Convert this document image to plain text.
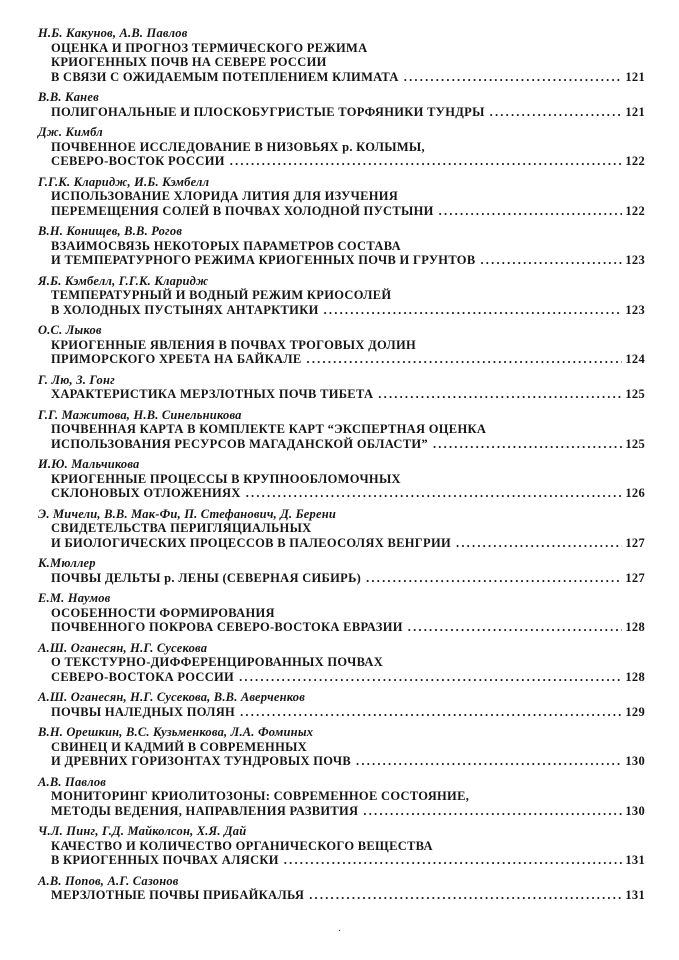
Н.Б. Какунов, А.В. Павлов
ОЦЕНКА И ПРОГНОЗ ТЕРМИЧЕСКОГО РЕЖИМА
КРИОГЕННЫХ ПОЧВ НА СЕВЕРЕ РОССИИ
В СВЯЗИ С ОЖИДАЕМЫМ ПОТЕПЛЕНИЕМ КЛИМАТА .....	121
В.В. Канев
ПОЛИГОНАЛЬНЫЕ И ПЛОСКОБУГРИСТЫЕ ТОРФЯНИКИ ТУНДРЫ .....	121
Дж. Кимбл
ПОЧВЕННОЕ ИССЛЕДОВАНИЕ В НИЗОВЬЯХ р. КОЛЫМЫ,
СЕВЕРО-ВОСТОК РОССИИ .....	122
Г.Г.К. Кларидж, И.Б. Кэмбелл
ИСПОЛЬЗОВАНИЕ ХЛОРИДА ЛИТИЯ ДЛЯ ИЗУЧЕНИЯ
ПЕРЕМЕЩЕНИЯ СОЛЕЙ В ПОЧВАХ ХОЛОДНОЙ ПУСТЫНИ .....	122
В.Н. Конищев, В.В. Рогов
ВЗАИМОСВЯЗЬ НЕКОТОРЫХ ПАРАМЕТРОВ СОСТАВА
И ТЕМПЕРАТУРНОГО РЕЖИМА КРИОГЕННЫХ ПОЧВ И ГРУНТОВ .....	123
Я.Б. Кэмбелл, Г.Г.К. Кларидж
ТЕМПЕРАТУРНЫЙ И ВОДНЫЙ РЕЖИМ КРИОСОЛЕЙ
В ХОЛОДНЫХ ПУСТЫНЯХ АНТАРКТИКИ .....	123
О.С. Лыков
КРИОГЕННЫЕ ЯВЛЕНИЯ В ПОЧВАХ ТРОГОВЫХ ДОЛИН
ПРИМОРСКОГО ХРЕБТА НА БАЙКАЛЕ .....	124
Г. Лю, З. Гонг
ХАРАКТЕРИСТИКА МЕРЗЛОТНЫХ ПОЧВ ТИБЕТА .....	125
Г.Г. Мажитова, Н.В. Синельникова
ПОЧВЕННАЯ КАРТА В КОМПЛЕКТЕ КАРТ “ЭКСПЕРТНАЯ ОЦЕНКА
ИСПОЛЬЗОВАНИЯ РЕСУРСОВ МАГАДАНСКОЙ ОБЛАСТИ” .....	125
И.Ю. Мальчикова
КРИОГЕННЫЕ ПРОЦЕССЫ В КРУПНООБЛОМОЧНЫХ
СКЛОНОВЫХ ОТЛОЖЕНИЯХ .....	126
Э. Мичели, В.В. Мак-Фи, П. Стефанович, Д. Берени
СВИДЕТЕЛЬСТВА ПЕРИГЛЯЦИАЛЬНЫХ
И БИОЛОГИЧЕСКИХ ПРОЦЕССОВ В ПАЛЕОСОЛЯХ ВЕНГРИИ .....	127
К.Мюллер
ПОЧВЫ ДЕЛЬТЫ р. ЛЕНЫ (СЕВЕРНАЯ СИБИРЬ) .....	127
Е.М. Наумов
ОСОБЕННОСТИ ФОРМИРОВАНИЯ
ПОЧВЕННОГО ПОКРОВА СЕВЕРО-ВОСТОКА ЕВРАЗИИ .....	128
А.Ш. Оганесян, Н.Г. Сусекова
О ТЕКСТУРНО-ДИФФЕРЕНЦИРОВАННЫХ ПОЧВАХ
СЕВЕРО-ВОСТОКА РОССИИ .....	128
А.Ш. Оганесян, Н.Г. Сусекова, В.В. Аверченков
ПОЧВЫ НАЛЕДНЫХ ПОЛЯН .....	129
В.Н. Орешкин, В.С. Кузьменкова, Л.А. Фоминых
СВИНЕЦ И КАДМИЙ В СОВРЕМЕННЫХ
И ДРЕВНИХ ГОРИЗОНТАХ ТУНДРОВЫХ ПОЧВ .....	130
А.В. Павлов
МОНИТОРИНГ КРИОЛИТОЗОНЫ: СОВРЕМЕННОЕ СОСТОЯНИЕ,
МЕТОДЫ ВЕДЕНИЯ, НАПРАВЛЕНИЯ РАЗВИТИЯ .....	130
Ч.Л. Пинг, Г.Д. Майколсон, Х.Я. Дай
КАЧЕСТВО И КОЛИЧЕСТВО ОРГАНИЧЕСКОГО ВЕЩЕСТВА
В КРИОГЕННЫХ ПОЧВАХ АЛЯСКИ .....	131
А.В. Попов, А.Г. Сазонов
МЕРЗЛОТНЫЕ ПОЧВЫ ПРИБАЙКАЛЬЯ .....	131
.
